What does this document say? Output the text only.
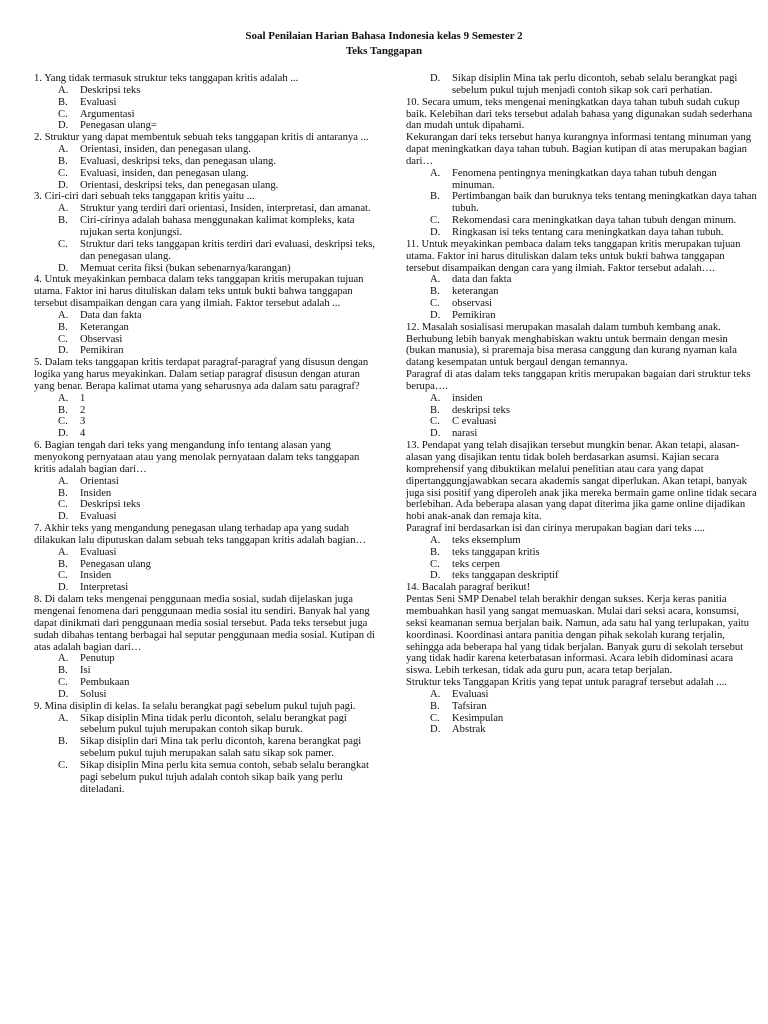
Soal Penilaian Harian Bahasa Indonesia kelas 9 Semester 2
Teks Tanggapan

1. Yang tidak termasuk struktur teks tanggapan kritis adalah ...

A.	Deskripsi teks
B.	Evaluasi
C.	Argumentasi
D.	Penegasan ulang=

2. Struktur yang dapat membentuk sebuah teks tanggapan kritis di antaranya ...

A.	Orientasi, insiden, dan penegasan ulang.
B.	Evaluasi, deskripsi teks, dan penegasan ulang.
C.	Evaluasi, insiden, dan penegasan ulang.
D.	Orientasi, deskripsi teks, dan penegasan ulang.

3. Ciri-ciri dari sebuah teks tanggapan kritis yaitu ...

A.	Struktur yang terdiri dari orientasi, Insiden, interpretasi, dan amanat.
B.	Ciri-cirinya adalah bahasa menggunakan kalimat kompleks, kata rujukan serta konjungsi.
C.	Struktur dari teks tanggapan kritis terdiri dari evaluasi, deskripsi teks, dan penegasan ulang.
D.	Memuat cerita fiksi (bukan sebenarnya/karangan)

4. Untuk meyakinkan pembaca dalam teks tanggapan kritis merupakan tujuan utama. Faktor ini harus dituliskan dalam teks untuk bukti bahwa tanggapan tersebut disampaikan dengan cara yang ilmiah. Faktor tersebut adalah ...

A.	Data dan fakta
B.	Keterangan
C.	Observasi
D.	Pemikiran

5. Dalam teks tanggapan kritis terdapat paragraf-paragraf yang disusun dengan logika yang harus meyakinkan. Dalam setiap paragraf disusun dengan aturan yang benar. Berapa kalimat utama yang seharusnya ada dalam satu paragraf?

A.	1
B.	2
C.	3
D.	4

6. Bagian tengah dari teks yang mengandung info tentang alasan yang menyokong pernyataan atau yang menolak pernyataan dalam teks tanggapan kritis adalah bagian dari…

A.	Orientasi
B.	Insiden
C.	Deskripsi teks
D.	Evaluasi

7. Akhir teks yang mengandung penegasan ulang terhadap apa yang sudah dilakukan lalu diputuskan dalam sebuah teks tanggapan kritis adalah bagian…

A.	Evaluasi
B.	Penegasan ulang
C.	Insiden
D.	Interpretasi

8. Di dalam teks mengenai penggunaan media sosial, sudah dijelaskan juga mengenai fenomena dari penggunaan media sosial itu sendiri. Banyak hal yang dapat dinikmati dari penggunaan media sosial tersebut. Pada teks tersebut juga sudah dibahas tentang berbagai hal seputar penggunaan media sosial. Kutipan di atas adalah bagian dari…

A.	Penutup
B.	Isi
C.	Pembukaan
D.	Solusi

9. Mina disiplin di kelas. Ia selalu berangkat pagi sebelum pukul tujuh pagi.

A.	Sikap disiplin Mina tidak perlu dicontoh, selalu berangkat pagi sebelum pukul tujuh merupakan contoh sikap buruk.
B.	Sikap disiplin dari Mina tak perlu dicontoh, karena berangkat pagi sebelum pukul tujuh merupakan salah satu sikap sok pamer.
C.	Sikap disiplin Mina perlu kita semua contoh, sebab selalu berangkat pagi sebelum pukul tujuh adalah contoh sikap baik yang perlu diteladani.
D.	Sikap disiplin Mina tak perlu dicontoh, sebab selalu berangkat pagi sebelum pukul tujuh menjadi contoh sikap sok cari perhatian.

10. Secara umum, teks mengenai meningkatkan daya tahan tubuh sudah cukup baik. Kelebihan dari teks tersebut adalah bahasa yang digunakan sudah sederhana dan mudah untuk dipahami.

Kekurangan dari teks tersebut hanya kurangnya informasi tentang minuman yang dapat meningkatkan daya tahan tubuh. Bagian kutipan di atas merupakan bagian dari…

A.	Fenomena pentingnya meningkatkan daya tahan tubuh dengan minuman.
B.	Pertimbangan baik dan buruknya teks tentang meningkatkan daya tahan tubuh.
C.	Rekomendasi cara meningkatkan daya tahan tubuh dengan minum.
D.	Ringkasan isi teks tentang cara meningkatkan daya tahan tubuh.

11. Untuk meyakinkan pembaca dalam teks tanggapan kritis merupakan tujuan utama. Faktor ini harus dituliskan dalam teks untuk bukti bahwa tanggapan tersebut disampaikan dengan cara yang ilmiah. Faktor tersebut adalah….

A.	data dan fakta
B.	keterangan
C.	observasi
D.	Pemikiran

12. Masalah sosialisasi merupakan masalah dalam tumbuh kembang anak. Berhubung lebih banyak menghabiskan waktu untuk bermain dengan mesin (bukan manusia), si praremaja bisa merasa canggung dan kurang nyaman kala datang kesempatan untuk bergaul dengan temannya.

Paragraf di atas dalam teks tanggapan kritis merupakan bagaian dari struktur teks berupa….

A.	insiden
B.	deskripsi teks
C.	C evaluasi
D.	narasi

13. Pendapat yang telah disajikan tersebut mungkin benar. Akan tetapi, alasan-alasan yang disajikan tentu tidak boleh berdasarkan asumsi. Kajian secara komprehensif yang dibuktikan melalui penelitian atau cara yang dapat dipertanggungjawabkan secara akademis sangat diperlukan. Akan tetapi, banyak juga sisi positif yang diperoleh anak jika mereka bermain game online tidak secara berlebihan. Ada beberapa alasan yang dapat diterima jika game online dijadikan hobi anak-anak dan remaja kita.

Paragraf ini berdasarkan isi dan cirinya merupakan bagian dari teks ....

A.	teks eksemplum
B.	teks tanggapan kritis
C.	teks cerpen
D.	teks tanggapan deskriptif

14. Bacalah paragraf berikut!

Pentas Seni SMP Denabel telah berakhir dengan sukses. Kerja keras panitia membuahkan hasil yang sangat memuaskan. Mulai dari seksi acara, konsumsi, seksi keamanan semua berjalan baik. Namun, ada satu hal yang terlupakan, yaitu koordinasi. Koordinasi antara panitia dengan pihak sekolah kurang terjalin, sehingga ada beberapa hal yang tidak berjalan. Banyak guru di sekolah tersebut yang tidak hadir karena keterbatasan informasi. Acara lebih didominasi acara siswa. Lebih terkesan, tidak ada guru pun, acara tetap berjalan.

Struktur teks Tanggapan Kritis yang tepat untuk paragraf tersebut adalah ....

A.	Evaluasi
B.	Tafsiran
C.	Kesimpulan
D.	Abstrak
